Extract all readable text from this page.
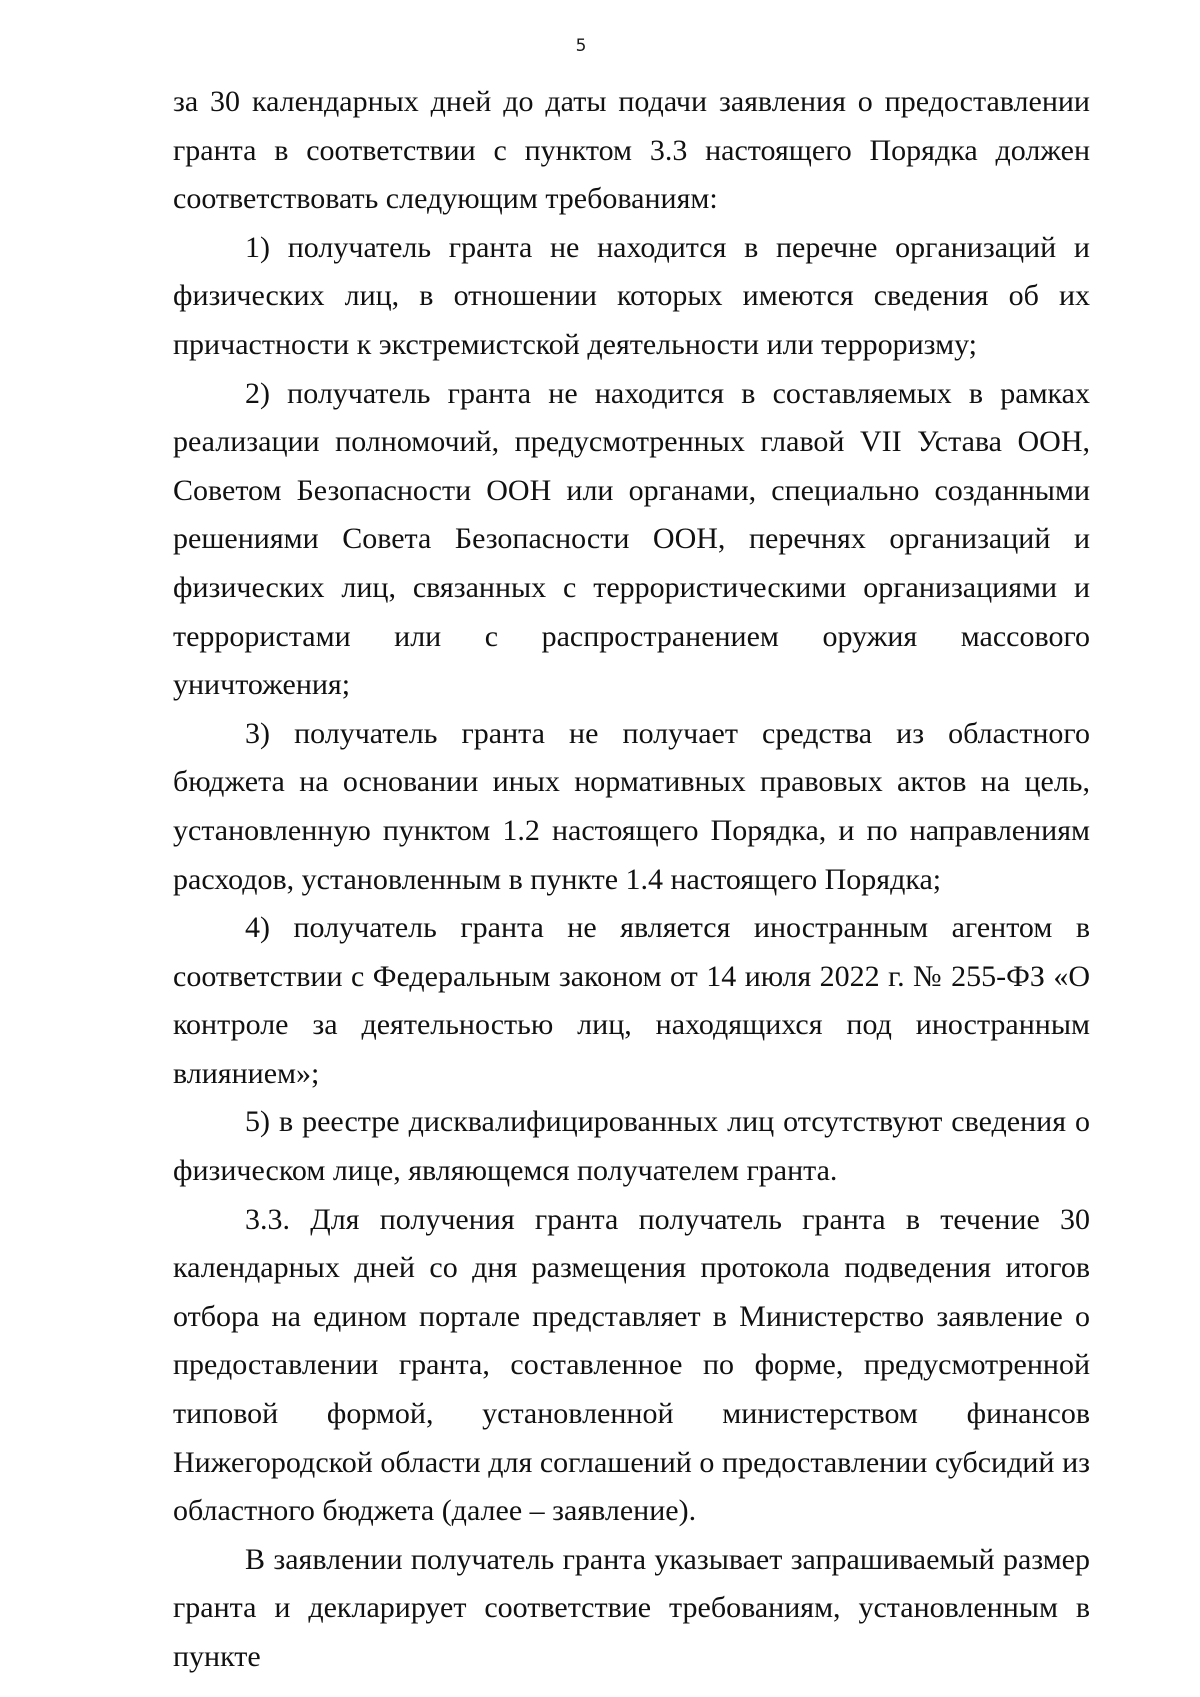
5

за 30 календарных дней до даты подачи заявления о предоставлении гранта в соответствии с пунктом 3.3 настоящего Порядка должен соответствовать следующим требованиям:

1) получатель гранта не находится в перечне организаций и физических лиц, в отношении которых имеются сведения об их причастности к экстремистской деятельности или терроризму;

2) получатель гранта не находится в составляемых в рамках реализации полномочий, предусмотренных главой VII Устава ООН, Советом Безопасности ООН или органами, специально созданными решениями Совета Безопасности ООН, перечнях организаций и физических лиц, связанных с террористическими организациями и террористами или с распространением оружия массового уничтожения;

3) получатель гранта не получает средства из областного бюджета на основании иных нормативных правовых актов на цель, установленную пунктом 1.2 настоящего Порядка, и по направлениям расходов, установленным в пункте 1.4 настоящего Порядка;

4) получатель гранта не является иностранным агентом в соответствии с Федеральным законом от 14 июля 2022 г. № 255-ФЗ «О контроле за деятельностью лиц, находящихся под иностранным влиянием»;

5) в реестре дисквалифицированных лиц отсутствуют сведения о физическом лице, являющемся получателем гранта.

3.3. Для получения гранта получатель гранта в течение 30 календарных дней со дня размещения протокола подведения итогов отбора на едином портале представляет в Министерство заявление о предоставлении гранта, составленное по форме, предусмотренной типовой формой, установленной министерством финансов Нижегородской области для соглашений о предоставлении субсидий из областного бюджета (далее – заявление).

В заявлении получатель гранта указывает запрашиваемый размер гранта и декларирует соответствие требованиям, установленным в пункте
